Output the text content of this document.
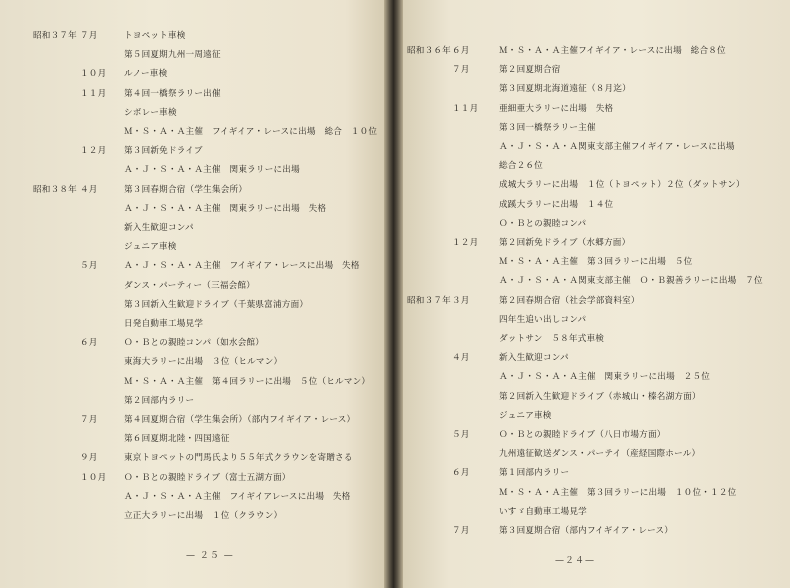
昭和３７年 ７月	トヨペット車検
第５回夏期九州一周遠征
１０月 ルノー車検
１１月 第４回一橋祭ラリー出催
シボレー車検
Ｍ・Ｓ・Ａ・Ａ主催　フイギイア・レースに出場　総合　１０位
１２月 第３回新免ドライブ
Ａ・Ｊ・Ｓ・Ａ・Ａ主催　関東ラリーに出場
昭和３８年 ４月	第３回春期合宿（学生集会所）
Ａ・Ｊ・Ｓ・Ａ・Ａ主催　関東ラリーに出場　失格
新入生歓迎コンパ
ジュニア車検
５月	Ａ・Ｊ・Ｓ・Ａ・Ａ主催　フイギイア・レースに出場　失格
ダンス・パーティー（三福会館）
第３回新入生歓迎ドライブ（千葉県富浦方面）
日発自動車工場見学
６月	Ｏ・Ｂとの親睦コンパ（如水会館）
東海大ラリーに出場　３位（ヒルマン）
Ｍ・Ｓ・Ａ・Ａ主催　第４回ラリーに出場　５位（ヒルマン）
第２回部内ラリー
７月	第４回夏期合宿（学生集会所）（部内フイギイア・レース）
第６回夏期北陸・四国遠征
９月	東京トヨペットの門馬氏より５５年式クラウンを寄贈さる
１０月 Ｏ・Ｂとの親睦ドライブ（富士五湖方面）
Ａ・Ｊ・Ｓ・Ａ・Ａ主催　フイギイアレースに出場　失格
立正大ラリーに出場　１位（クラウン）
— ２５ —
昭和３６年 ６月	Ｍ・Ｓ・Ａ・Ａ主催フイギイア・レースに出場　総合８位
７月	第２回夏期合宿
第３回夏期北海道遠征（８月迄）
１１月 亜細亜大ラリーに出場　失格
第３回一橋祭ラリー主催
Ａ・Ｊ・Ｓ・Ａ・Ａ関東支部主催フイギイア・レースに出場
総合２６位
成城大ラリーに出場　１位（トヨペット）２位（ダットサン）
成蹊大ラリーに出場　１４位
Ｏ・Ｂとの親睦コンパ
１２月 第２回新免ドライブ（水郷方面）
Ｍ・Ｓ・Ａ・Ａ主催　第３回ラリーに出場　５位
Ａ・Ｊ・Ｓ・Ａ・Ａ関東支部主催　Ｏ・Ｂ親善ラリーに出場　７位
昭和３７年 ３月	第２回春期合宿（社会学部資料室）
四年生追い出しコンパ
ダットサン　５８年式車検
４月	新入生歓迎コンパ
Ａ・Ｊ・Ｓ・Ａ・Ａ主催　関東ラリーに出場　２５位
第２回新入生歓迎ドライブ（赤城山・榛名湖方面）
ジュニア車検
５月	Ｏ・Ｂとの親睦ドライブ（八日市場方面）
九州遠征歓送ダンス・パーテイ（産経国際ホール）
６月	第１回部内ラリー
Ｍ・Ｓ・Ａ・Ａ主催　第３回ラリーに出場　１０位・１２位
いすゞ自動車工場見学
７月	第３回夏期合宿（部内フイギイア・レース）
—２４—
